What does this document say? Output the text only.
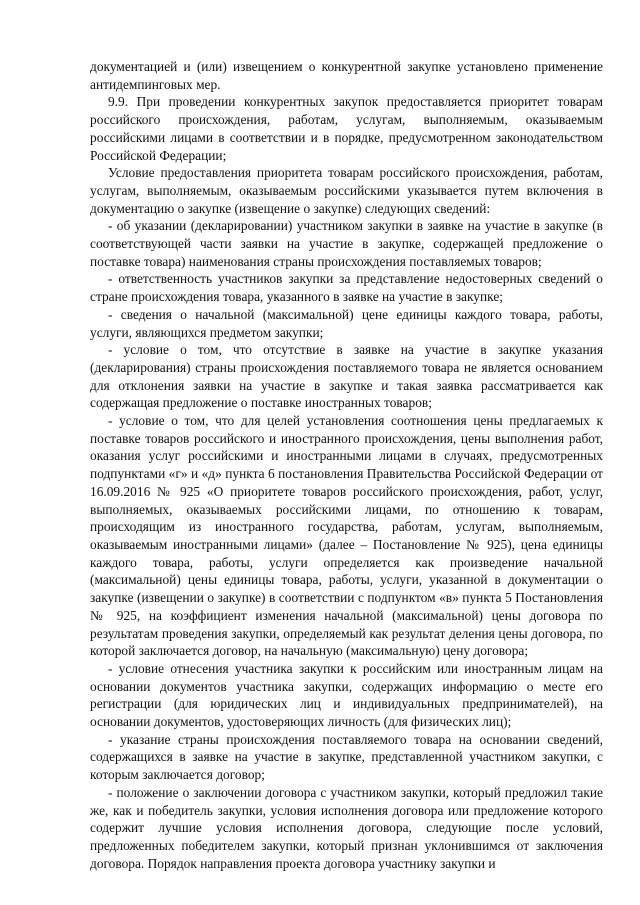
документацией и (или) извещением о конкурентной закупке установлено применение антидемпинговых мер.

9.9. При проведении конкурентных закупок предоставляется приоритет товарам российского происхождения, работам, услугам, выполняемым, оказываемым российскими лицами в соответствии и в порядке, предусмотренном законодательством Российской Федерации;

Условие предоставления приоритета товарам российского происхождения, работам, услугам, выполняемым, оказываемым российскими указывается путем включения в документацию о закупке (извещение о закупке) следующих сведений:

- об указании (декларировании) участником закупки в заявке на участие в закупке (в соответствующей части заявки на участие в закупке, содержащей предложение о поставке товара) наименования страны происхождения поставляемых товаров;

- ответственность участников закупки за представление недостоверных сведений о стране происхождения товара, указанного в заявке на участие в закупке;

- сведения о начальной (максимальной) цене единицы каждого товара, работы, услуги, являющихся предметом закупки;

- условие о том, что отсутствие в заявке на участие в закупке указания (декларирования) страны происхождения поставляемого товара не является основанием для отклонения заявки на участие в закупке и такая заявка рассматривается как содержащая предложение о поставке иностранных товаров;

- условие о том, что для целей установления соотношения цены предлагаемых к поставке товаров российского и иностранного происхождения, цены выполнения работ, оказания услуг российскими и иностранными лицами в случаях, предусмотренных подпунктами «г» и «д» пункта 6 постановления Правительства Российской Федерации от 16.09.2016 № 925 «О приоритете товаров российского происхождения, работ, услуг, выполняемых, оказываемых российскими лицами, по отношению к товарам, происходящим из иностранного государства, работам, услугам, выполняемым, оказываемым иностранными лицами» (далее – Постановление № 925), цена единицы каждого товара, работы, услуги определяется как произведение начальной (максимальной) цены единицы товара, работы, услуги, указанной в документации о закупке (извещении о закупке) в соответствии с подпунктом «в» пункта 5 Постановления № 925, на коэффициент изменения начальной (максимальной) цены договора по результатам проведения закупки, определяемый как результат деления цены договора, по которой заключается договор, на начальную (максимальную) цену договора;

- условие отнесения участника закупки к российским или иностранным лицам на основании документов участника закупки, содержащих информацию о месте его регистрации (для юридических лиц и индивидуальных предпринимателей), на основании документов, удостоверяющих личность (для физических лиц);

- указание страны происхождения поставляемого товара на основании сведений, содержащихся в заявке на участие в закупке, представленной участником закупки, с которым заключается договор;

- положение о заключении договора с участником закупки, который предложил такие же, как и победитель закупки, условия исполнения договора или предложение которого содержит лучшие условия исполнения договора, следующие после условий, предложенных победителем закупки, который признан уклонившимся от заключения договора. Порядок направления проекта договора участнику закупки и
